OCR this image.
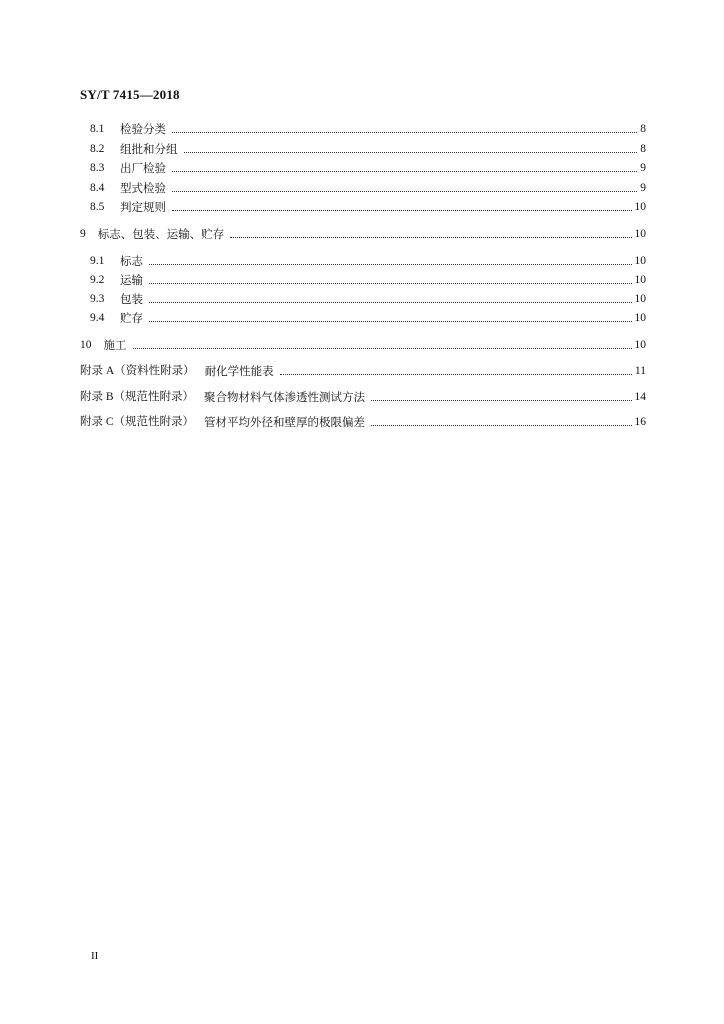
SY/T 7415—2018
8.1	检验分类	8
8.2	组批和分组	8
8.3	出厂检验	9
8.4	型式检验	9
8.5	判定规则	10
9	标志、包装、运输、贮存	10
9.1	标志	10
9.2	运输	10
9.3	包装	10
9.4	贮存	10
10	施工	10
附录 A（资料性附录） 耐化学性能表	11
附录 B（规范性附录） 聚合物材料气体渗透性测试方法	14
附录 C（规范性附录） 管材平均外径和壁厚的极限偏差	16
II
